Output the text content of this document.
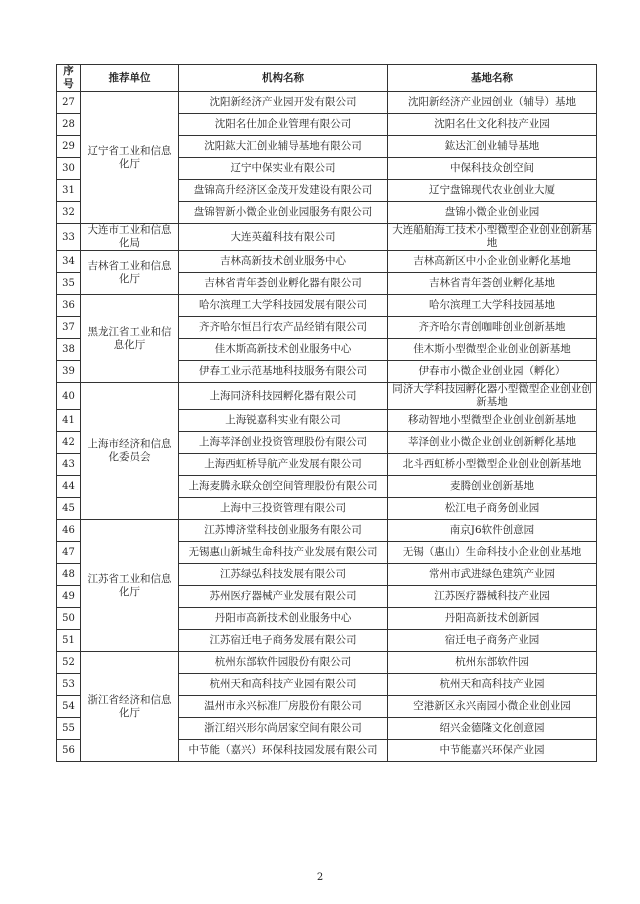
序号	推荐单位	机构名称	基地名称
27	辽宁省工业和信息化厅	沈阳新经济产业园开发有限公司	沈阳新经济产业园创业（辅导）基地
28		沈阳名仕加企业管理有限公司	沈阳名仕文化科技产业园
29		沈阳鈜大汇创业辅导基地有限公司	鈜达汇创业辅导基地
30		辽宁中保实业有限公司	中保科技众创空间
31		盘锦高升经济区金茂开发建设有限公司	辽宁盘锦现代农业创业大厦
32		盘锦智新小微企业创业园服务有限公司	盘锦小微企业创业园
33	大连市工业和信息化局	大连英蕴科技有限公司	大连船舶海工技术小型微型企业创业创新基地
34	吉林省工业和信息化厅	吉林高新技术创业服务中心	吉林高新区中小企业创业孵化基地
35		吉林省青年荟创业孵化器有限公司	吉林省青年荟创业孵化基地
36	黑龙江省工业和信息化厅	哈尔滨理工大学科技园发展有限公司	哈尔滨理工大学科技园基地
37		齐齐哈尔恒吕行农产品经销有限公司	齐齐哈尔青创咖啡创业创新基地
38		佳木斯高新技术创业服务中心	佳木斯小型微型企业创业创新基地
39		伊春工业示范基地科技服务有限公司	伊春市小微企业创业园（孵化）
40	上海市经济和信息化委员会	上海同济科技园孵化器有限公司	同济大学科技园孵化器小型微型企业创业创新基地
41		上海锐嘉科实业有限公司	移动智地小型微型企业创业创新基地
42		上海莘泽创业投资管理股份有限公司	莘泽创业小微企业创业创新孵化基地
43		上海西虹桥导航产业发展有限公司	北斗西虹桥小型微型企业创业创新基地
44		上海麦腾永联众创空间管理股份有限公司	麦腾创业创新基地
45		上海中三投资管理有限公司	松江电子商务创业园
46	江苏省工业和信息化厅	江苏博济堂科技创业服务有限公司	南京J6软件创意园
47		无锡惠山新城生命科技产业发展有限公司	无锡（惠山）生命科技小企业创业基地
48		江苏绿弘科技发展有限公司	常州市武进绿色建筑产业园
49		苏州医疗器械产业发展有限公司	江苏医疗器械科技产业园
50		丹阳市高新技术创业服务中心	丹阳高新技术创新园
51		江苏宿迁电子商务发展有限公司	宿迁电子商务产业园
52	浙江省经济和信息化厅	杭州东部软件园股份有限公司	杭州东部软件园
53		杭州天和高科技产业园有限公司	杭州天和高科技产业园
54		温州市永兴标准厂房股份有限公司	空港新区永兴南园小微企业创业园
55		浙江绍兴形尔尚居家空间有限公司	绍兴金德隆文化创意园
56		中节能（嘉兴）环保科技园发展有限公司	中节能嘉兴环保产业园
2
